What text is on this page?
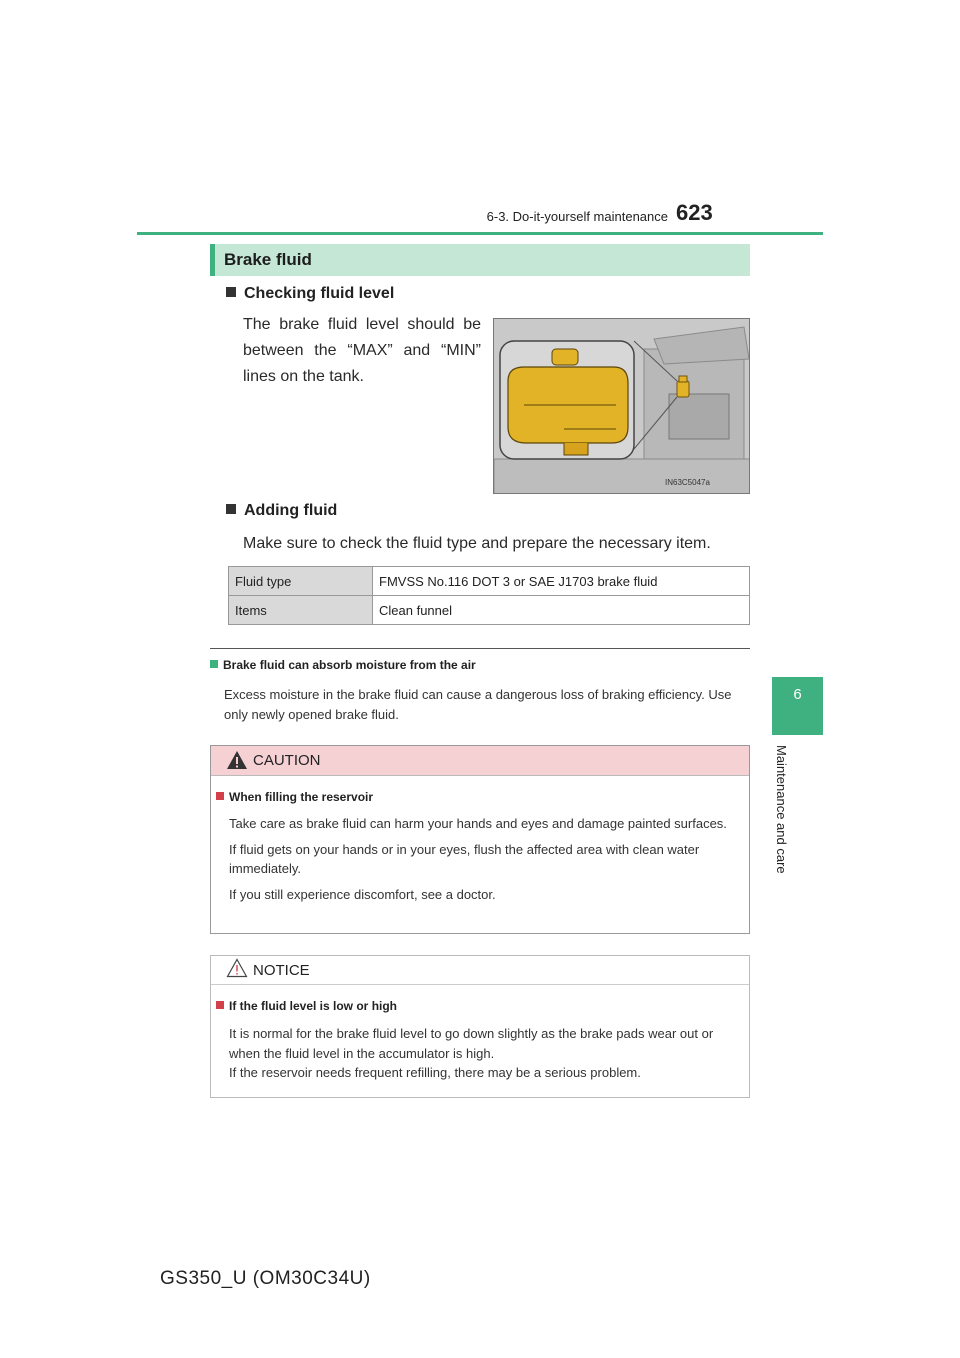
6-3. Do-it-yourself maintenance 623
6
Maintenance and care
Brake fluid
Checking fluid level
The brake fluid level should be between the “MAX” and “MIN” lines on the tank.
IN63C5047a
Adding fluid
Make sure to check the fluid type and prepare the necessary item.
Fluid type	FMVSS No.116 DOT 3 or SAE J1703 brake fluid
Items	Clean funnel
Brake fluid can absorb moisture from the air
Excess moisture in the brake fluid can cause a dangerous loss of braking efficiency. Use only newly opened brake fluid.
CAUTION
When filling the reservoir

Take care as brake fluid can harm your hands and eyes and damage painted surfaces.

If fluid gets on your hands or in your eyes, flush the affected area with clean water immediately.

If you still experience discomfort, see a doctor.

NOTICE
If the fluid level is low or high
It is normal for the brake fluid level to go down slightly as the brake pads wear out or when the fluid level in the accumulator is high.
If the reservoir needs frequent refilling, there may be a serious problem.
GS350_U (OM30C34U)
